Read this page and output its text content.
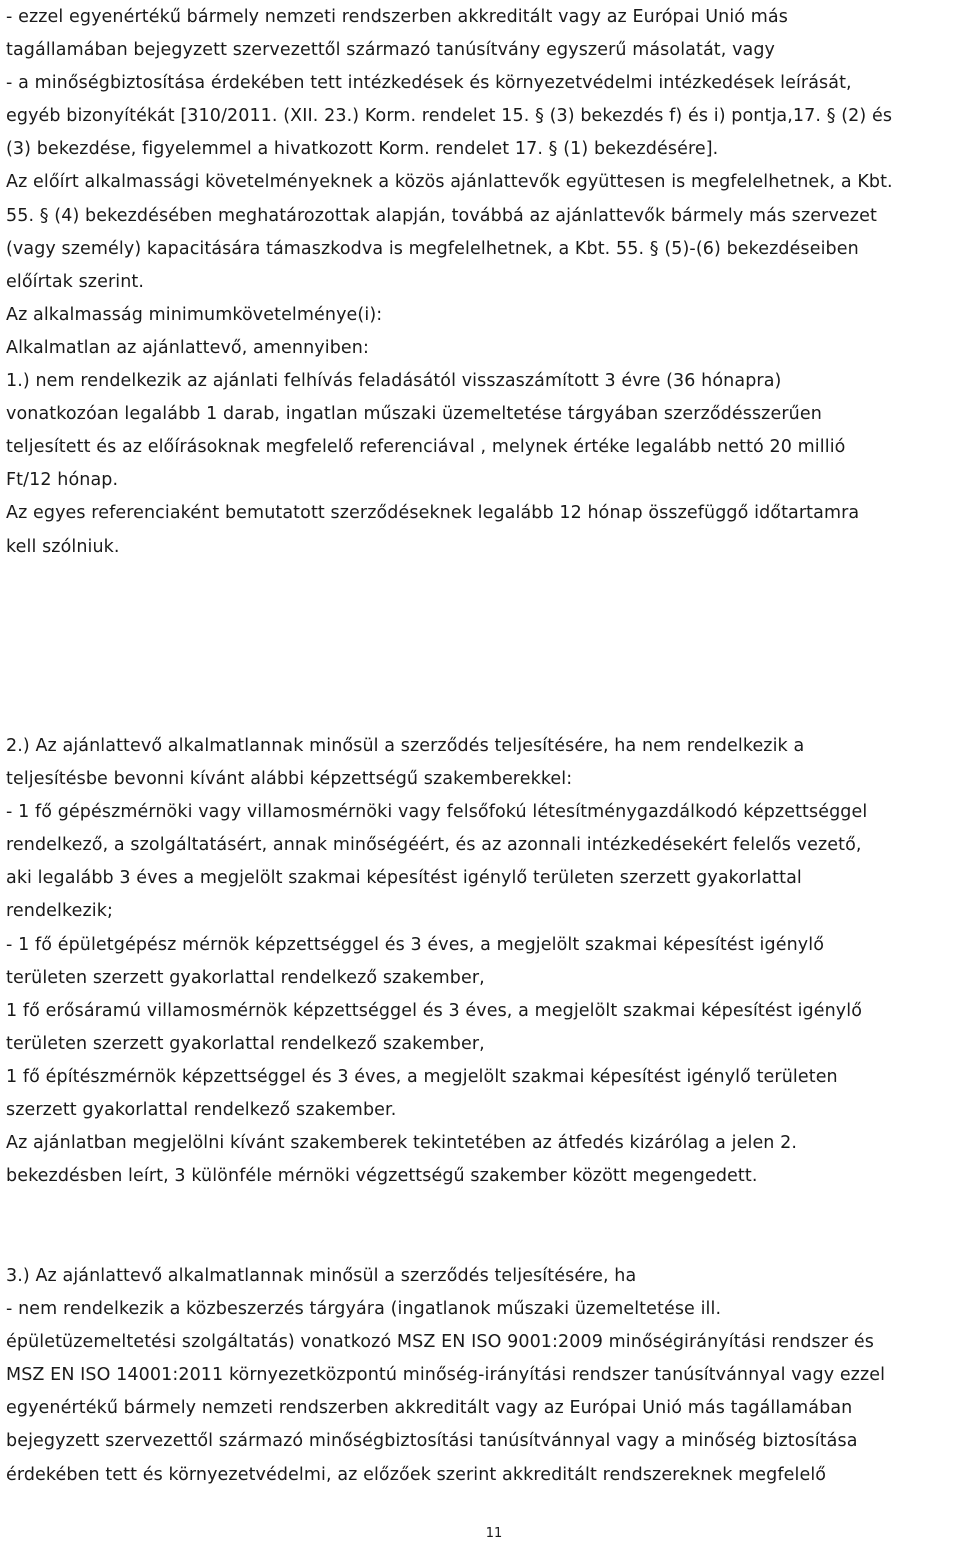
- ezzel egyenértékű bármely nemzeti rendszerben akkreditált vagy az Európai Unió más
tagállamában bejegyzett szervezettől származó tanúsítvány egyszerű másolatát, vagy
- a minőségbiztosítása érdekében tett intézkedések és környezetvédelmi intézkedések leírását,
egyéb bizonyítékát [310/2011. (XII. 23.) Korm. rendelet 15. § (3) bekezdés f) és i) pontja,17. § (2) és
(3) bekezdése, figyelemmel a hivatkozott Korm. rendelet 17. § (1) bekezdésére].
Az előírt alkalmassági követelményeknek a közös ajánlattevők együttesen is megfelelhetnek, a Kbt.
55. § (4) bekezdésében meghatározottak alapján, továbbá az ajánlattevők bármely más szervezet
(vagy személy) kapacitására támaszkodva is megfelelhetnek, a Kbt. 55. § (5)-(6) bekezdéseiben
előírtak szerint.
Az alkalmasság minimumkövetelménye(i):
Alkalmatlan az ajánlattevő, amennyiben:
1.) nem rendelkezik az ajánlati felhívás feladásától visszaszámított 3 évre (36 hónapra)
vonatkozóan legalább 1 darab, ingatlan műszaki üzemeltetése tárgyában szerződésszerűen
teljesített és az előírásoknak megfelelő referenciával , melynek értéke legalább nettó 20 millió
Ft/12 hónap.
Az egyes referenciaként bemutatott szerződéseknek legalább 12 hónap összefüggő időtartamra
kell szólniuk.
2.) Az ajánlattevő alkalmatlannak minősül a szerződés teljesítésére, ha nem rendelkezik a
teljesítésbe bevonni kívánt alábbi képzettségű szakemberekkel:
- 1 fő gépészmérnöki vagy villamosmérnöki vagy felsőfokú létesítménygazdálkodó képzettséggel
rendelkező, a szolgáltatásért, annak minőségéért, és az azonnali intézkedésekért felelős vezető,
aki legalább 3 éves a megjelölt szakmai képesítést igénylő területen szerzett gyakorlattal
rendelkezik;
- 1 fő épületgépész mérnök képzettséggel és 3 éves, a megjelölt szakmai képesítést igénylő
területen szerzett gyakorlattal rendelkező szakember,
1 fő erősáramú villamosmérnök képzettséggel és 3 éves, a megjelölt szakmai képesítést igénylő
területen szerzett gyakorlattal rendelkező szakember,
1 fő építészmérnök képzettséggel és 3 éves, a megjelölt szakmai képesítést igénylő területen
szerzett gyakorlattal rendelkező szakember.
Az ajánlatban megjelölni kívánt szakemberek tekintetében az átfedés kizárólag a jelen 2.
bekezdésben leírt, 3 különféle mérnöki végzettségű szakember között megengedett.
3.) Az ajánlattevő alkalmatlannak minősül a szerződés teljesítésére, ha
- nem rendelkezik a közbeszerzés tárgyára (ingatlanok műszaki üzemeltetése ill.
épületüzemeltetési szolgáltatás) vonatkozó MSZ EN ISO 9001:2009 minőségirányítási rendszer és
MSZ EN ISO 14001:2011 környezetközpontú minőség-irányítási rendszer tanúsítvánnyal vagy ezzel
egyenértékű bármely nemzeti rendszerben akkreditált vagy az Európai Unió más tagállamában
bejegyzett szervezettől származó minőségbiztosítási tanúsítvánnyal vagy a minőség biztosítása
érdekében tett és környezetvédelmi, az előzőek szerint akkreditált rendszereknek megfelelő
11
